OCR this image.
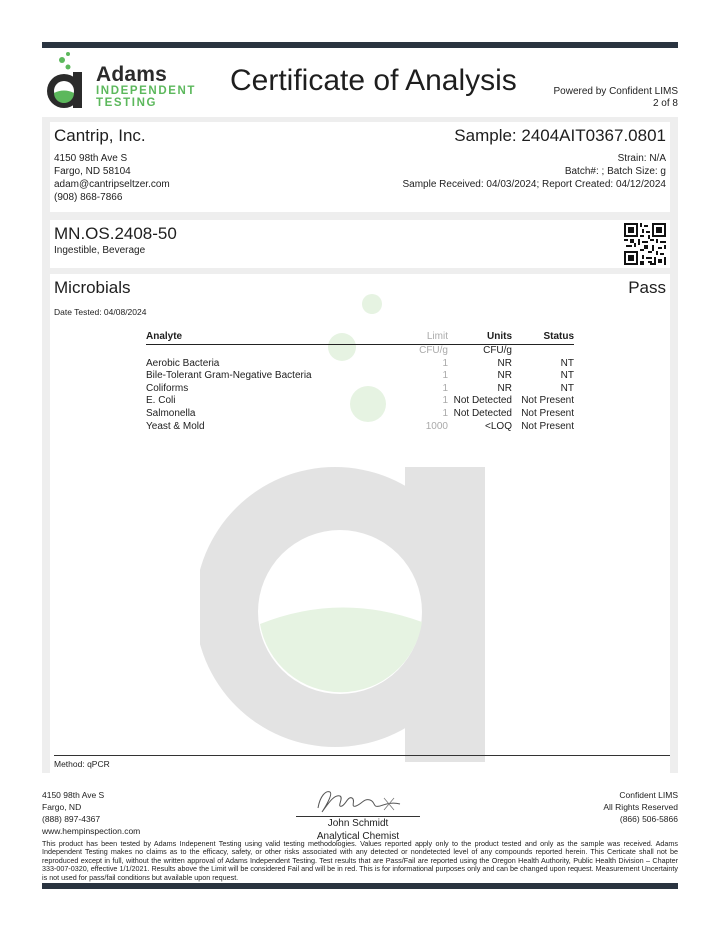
Adams
INDEPENDENT
TESTING
Certificate of Analysis	Powered by Confident LIMS
2 of 8
Cantrip, Inc.
4150 98th Ave S
Fargo, ND 58104
adam@cantripseltzer.com
(908) 868-7866
Sample: 2404AIT0367.0801
Strain: N/A
Batch#: ; Batch Size: g
Sample Received: 04/03/2024; Report Created: 04/12/2024
MN.OS.2408-50
Ingestible, Beverage
Microbials	Pass
Date Tested: 04/08/2024
Analyte	Limit	Units	Status
	CFU/g	CFU/g	
Aerobic Bacteria	1	NR	NT
Bile-Tolerant Gram-Negative Bacteria	1	NR	NT
Coliforms	1	NR	NT
E. Coli	1	Not Detected	Not Present
Salmonella	1	Not Detected	Not Present
Yeast & Mold	1000	<LOQ	Not Present
Method: qPCR
4150 98th Ave S
Fargo, ND
(888) 897-4367
www.hempinspection.com
John Schmidt
Analytical Chemist
Confident LIMS
All Rights Reserved
(866) 506-5866
This product has been tested by Adams Indepenent Testing using valid testing methodologies. Values reported apply only to the product tested and only as the sample was received. Adams Independent Testing makes no claims as to the efficacy, safety, or other risks associated with any detected or nondetected level of any compounds reported herein. This Certicate shall not be reproduced except in full, without the written approval of Adams Independent Testing. Test results that are Pass/Fail are reported using the Oregon Health Authority, Public Health Division – Chapter 333-007-0320, effective 1/1/2021. Results above the Limit will be considered Fail and will be in red. This is for informational purposes only and can be changed upon request. Measurement Uncertainty is not used for pass/fail conditions but available upon request.
